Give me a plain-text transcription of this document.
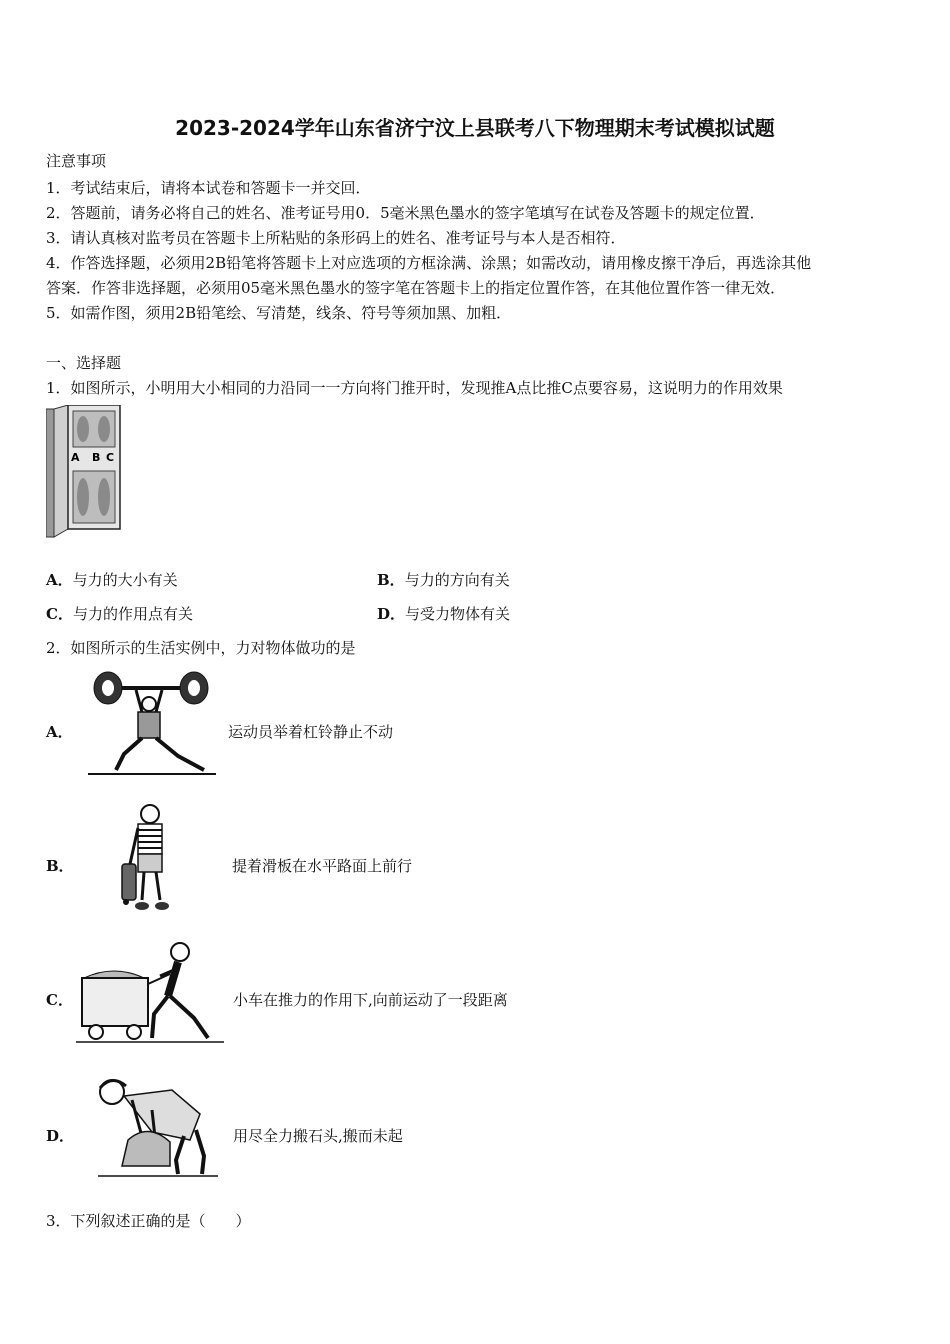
2023-2024学年山东省济宁汶上县联考八下物理期末考试模拟试题
注意事项
1．考试结束后，请将本试卷和答题卡一并交回．
2．答题前，请务必将自己的姓名、准考证号用0．5毫米黑色墨水的签字笔填写在试卷及答题卡的规定位置．
3．请认真核对监考员在答题卡上所粘贴的条形码上的姓名、准考证号与本人是否相符．
4．作答选择题，必须用2B铅笔将答题卡上对应选项的方框涂满、涂黑；如需改动，请用橡皮擦干净后，再选涂其他
答案．作答非选择题，必须用05毫米黑色墨水的签字笔在答题卡上的指定位置作答，在其他位置作答一律无效．
5．如需作图，须用2B铅笔绘、写清楚，线条、符号等须加黑、加粗．
一、选择题
1．如图所示，小明用大小相同的力沿同一一方向将门推开时，发现推A点比推C点要容易，这说明力的作用效果
A B C
A．与力的大小有关	B．与力的方向有关
C．与力的作用点有关	D．与受力物体有关
2．如图所示的生活实例中，力对物体做功的是
A．	运动员举着杠铃静止不动
B．	提着滑板在水平路面上前行
C．	小车在推力的作用下,向前运动了一段距离
D．	用尽全力搬石头,搬而未起
3．下列叙述正确的是（　　）
